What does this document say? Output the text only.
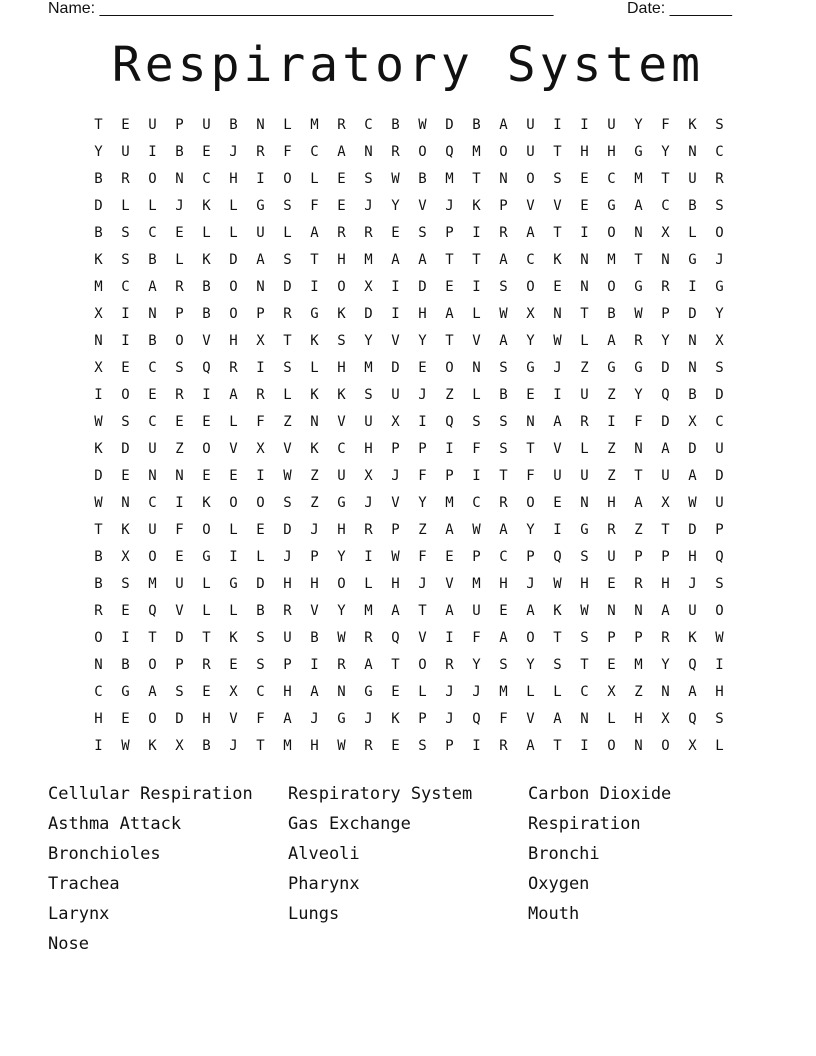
Name: ___________________________________________________	Date: _______
Respiratory System
T	E	U	P	U	B	N	L	M	R	C	B	W	D	B	A	U	I	I	U	Y	F	K	S
Y	U	I	B	E	J	R	F	C	A	N	R	O	Q	M	O	U	T	H	H	G	Y	N	C
B	R	O	N	C	H	I	O	L	E	S	W	B	M	T	N	O	S	E	C	M	T	U	R
D	L	L	J	K	L	G	S	F	E	J	Y	V	J	K	P	V	V	E	G	A	C	B	S
B	S	C	E	L	L	U	L	A	R	R	E	S	P	I	R	A	T	I	O	N	X	L	O
K	S	B	L	K	D	A	S	T	H	M	A	A	T	T	A	C	K	N	M	T	N	G	J
M	C	A	R	B	O	N	D	I	O	X	I	D	E	I	S	O	E	N	O	G	R	I	G
X	I	N	P	B	O	P	R	G	K	D	I	H	A	L	W	X	N	T	B	W	P	D	Y
N	I	B	O	V	H	X	T	K	S	Y	V	Y	T	V	A	Y	W	L	A	R	Y	N	X
X	E	C	S	Q	R	I	S	L	H	M	D	E	O	N	S	G	J	Z	G	G	D	N	S
I	O	E	R	I	A	R	L	K	K	S	U	J	Z	L	B	E	I	U	Z	Y	Q	B	D
W	S	C	E	E	L	F	Z	N	V	U	X	I	Q	S	S	N	A	R	I	F	D	X	C
K	D	U	Z	O	V	X	V	K	C	H	P	P	I	F	S	T	V	L	Z	N	A	D	U
D	E	N	N	E	E	I	W	Z	U	X	J	F	P	I	T	F	U	U	Z	T	U	A	D
W	N	C	I	K	O	O	S	Z	G	J	V	Y	M	C	R	O	E	N	H	A	X	W	U
T	K	U	F	O	L	E	D	J	H	R	P	Z	A	W	A	Y	I	G	R	Z	T	D	P
B	X	O	E	G	I	L	J	P	Y	I	W	F	E	P	C	P	Q	S	U	P	P	H	Q
B	S	M	U	L	G	D	H	H	O	L	H	J	V	M	H	J	W	H	E	R	H	J	S
R	E	Q	V	L	L	B	R	V	Y	M	A	T	A	U	E	A	K	W	N	N	A	U	O
O	I	T	D	T	K	S	U	B	W	R	Q	V	I	F	A	O	T	S	P	P	R	K	W
N	B	O	P	R	E	S	P	I	R	A	T	O	R	Y	S	Y	S	T	E	M	Y	Q	I
C	G	A	S	E	X	C	H	A	N	G	E	L	J	J	M	L	L	C	X	Z	N	A	H
H	E	O	D	H	V	F	A	J	G	J	K	P	J	Q	F	V	A	N	L	H	X	Q	S
I	W	K	X	B	J	T	M	H	W	R	E	S	P	I	R	A	T	I	O	N	O	X	L
Cellular Respiration
Asthma Attack
Bronchioles
Trachea
Larynx
Nose
Respiratory System
Gas Exchange
Alveoli
Pharynx
Lungs
Carbon Dioxide
Respiration
Bronchi
Oxygen
Mouth
